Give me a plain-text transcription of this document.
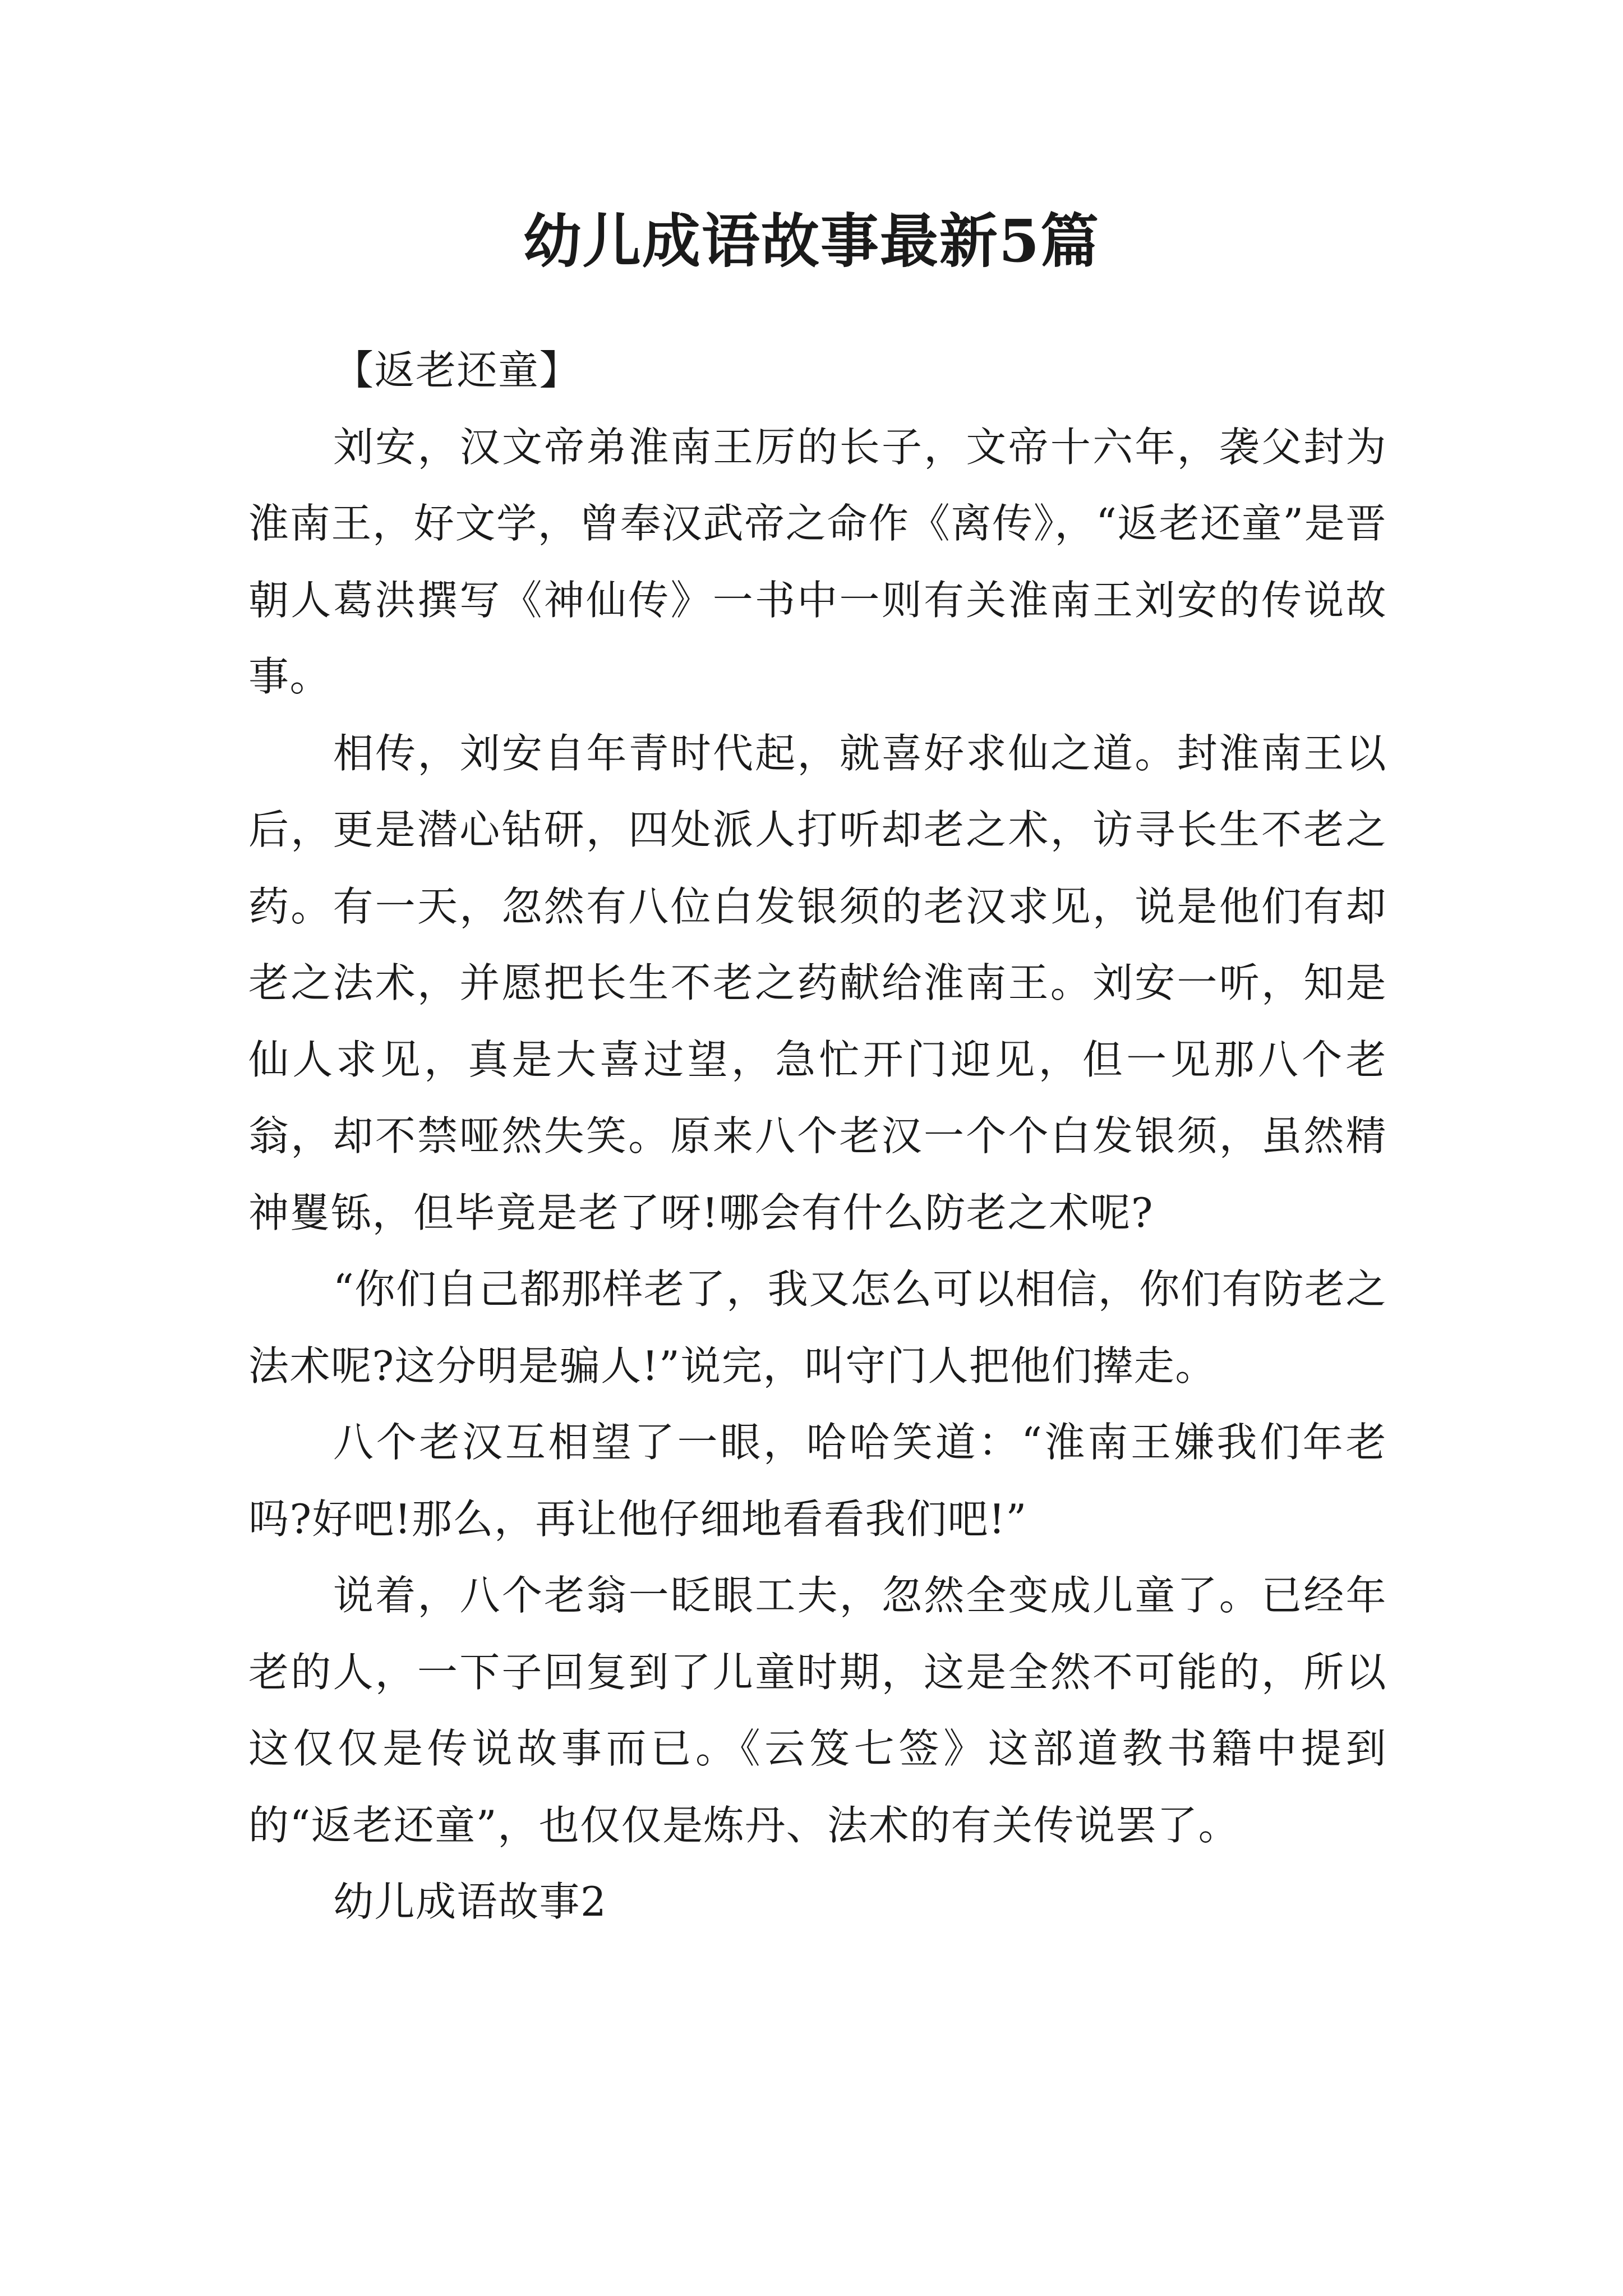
幼儿成语故事最新5篇

【返老还童】

刘安，汉文帝弟淮南王厉的长子，文帝十六年，袭父封为淮南王，好文学，曾奉汉武帝之命作《离传》，“返老还童”是晋朝人葛洪撰写《神仙传》一书中一则有关淮南王刘安的传说故事。

相传，刘安自年青时代起，就喜好求仙之道。封淮南王以后，更是潜心钻研，四处派人打听却老之术，访寻长生不老之药。有一天，忽然有八位白发银须的老汉求见，说是他们有却老之法术，并愿把长生不老之药献给淮南王。刘安一听，知是仙人求见，真是大喜过望，急忙开门迎见，但一见那八个老翁，却不禁哑然失笑。原来八个老汉一个个白发银须，虽然精神矍铄，但毕竟是老了呀!哪会有什么防老之术呢?

“你们自己都那样老了，我又怎么可以相信，你们有防老之法术呢?这分明是骗人!”说完，叫守门人把他们撵走。

八个老汉互相望了一眼，哈哈笑道：“淮南王嫌我们年老吗?好吧!那么，再让他仔细地看看我们吧!”

说着，八个老翁一眨眼工夫，忽然全变成儿童了。已经年老的人，一下子回复到了儿童时期，这是全然不可能的，所以这仅仅是传说故事而已。《云笈七签》这部道教书籍中提到的“返老还童”，也仅仅是炼丹、法术的有关传说罢了。

幼儿成语故事2
